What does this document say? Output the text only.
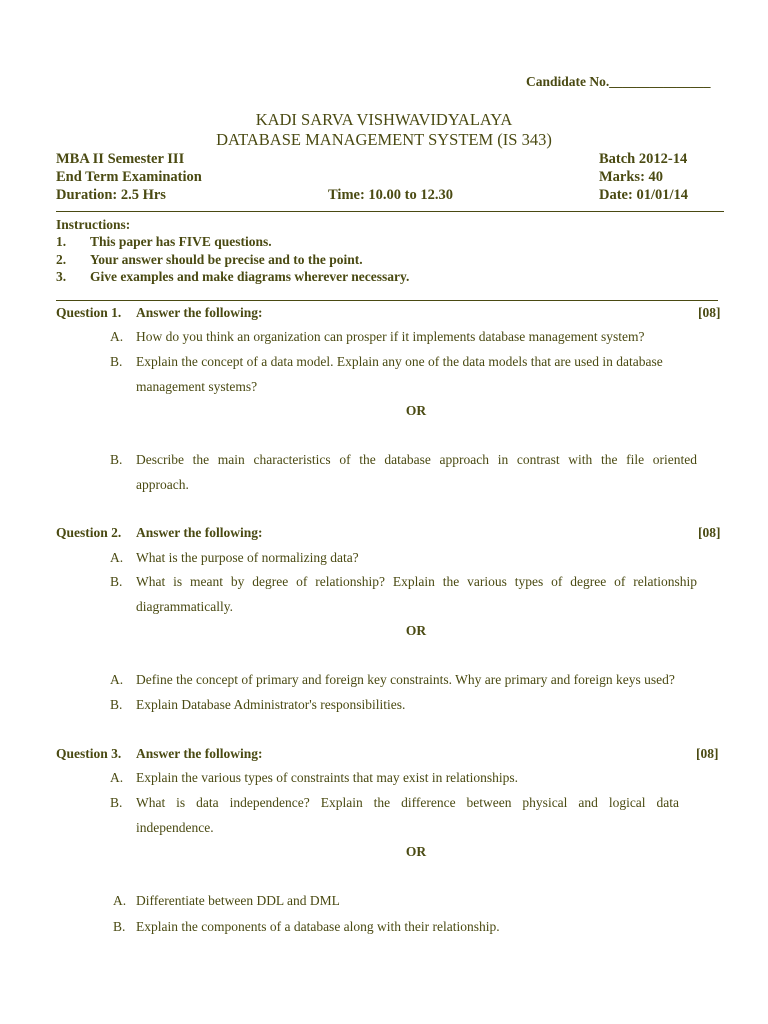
Candidate No._______________
KADI SARVA VISHWAVIDYALAYA
DATABASE MANAGEMENT SYSTEM (IS 343)
MBA II Semester III	Batch 2012-14
End Term Examination	Marks: 40
Duration: 2.5 Hrs	Time: 10.00 to 12.30	Date: 01/01/14
Instructions:
1. This paper has FIVE questions.
2. Your answer should be precise and to the point.
3. Give examples and make diagrams wherever necessary.
Question 1. Answer the following:	[08]
A. How do you think an organization can prosper if it implements database management system?
B. Explain the concept of a data model. Explain any one of the data models that are used in database
management systems?
OR
B. Describe the main characteristics of the database approach in contrast with the file oriented
approach.
Question 2. Answer the following:	[08]
A. What is the purpose of normalizing data?
B. What is meant by degree of relationship? Explain the various types of degree of relationship
diagrammatically.
OR
A. Define the concept of primary and foreign key constraints. Why are primary and foreign keys used?
B. Explain Database Administrator's responsibilities.
Question 3. Answer the following:	[08]
A. Explain the various types of constraints that may exist in relationships.
B. What is data independence? Explain the difference between physical and logical data
independence.
OR
A. Differentiate between DDL and DML
B. Explain the components of a database along with their relationship.
